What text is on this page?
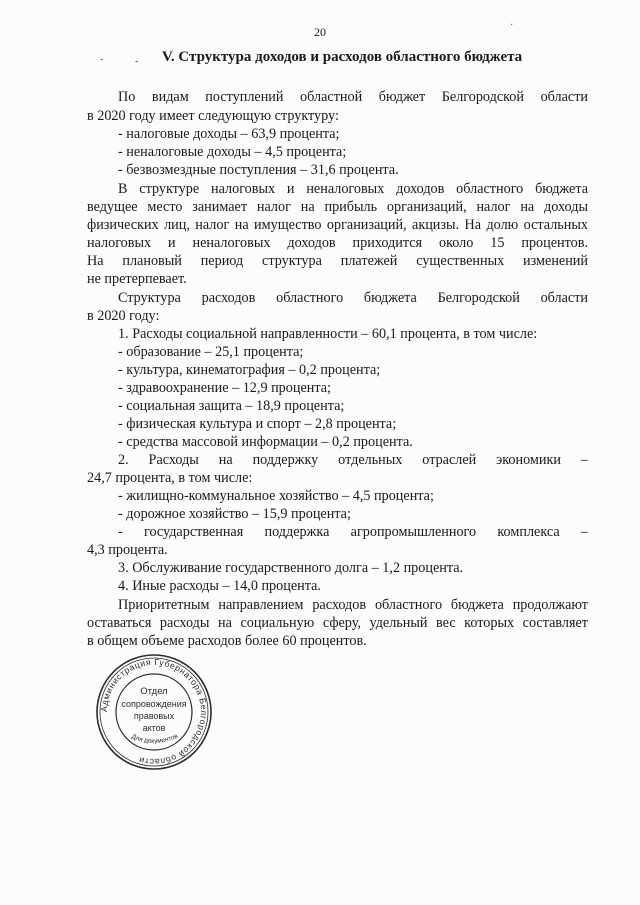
20	·
-	- V. Структура доходов и расходов областного бюджета
По видам поступлений областной бюджет Белгородской области
в 2020 году имеет следующую структуру:
- налоговые доходы – 63,9 процента;
- неналоговые доходы – 4,5 процента;
- безвозмездные поступления – 31,6 процента.
В структуре налоговых и неналоговых доходов областного бюджета
ведущее место занимает налог на прибыль организаций, налог на доходы
физических лиц, налог на имущество организаций, акцизы. На долю остальных
налоговых и неналоговых доходов приходится около 15 процентов.
На плановый период структура платежей существенных изменений
не претерпевает.
Структура расходов областного бюджета Белгородской области
в 2020 году:
1. Расходы социальной направленности – 60,1 процента, в том числе:
- образование – 25,1 процента;
- культура, кинематография – 0,2 процента;
- здравоохранение – 12,9 процента;
- социальная защита – 18,9 процента;
- физическая культура и спорт – 2,8 процента;
- средства массовой информации – 0,2 процента.
2. Расходы на поддержку отдельных отраслей экономики –
24,7 процента, в том числе:
- жилищно-коммунальное хозяйство – 4,5 процента;
- дорожное хозяйство – 15,9 процента;
- государственная поддержка агропромышленного комплекса –
4,3 процента.
3. Обслуживание государственного долга – 1,2 процента.
4. Иные расходы – 14,0 процента.
Приоритетным направлением расходов областного бюджета продолжают
оставаться расходы на социальную сферу, удельный вес которых составляет
в общем объеме расходов более 60 процентов.
Администрация Губернатора Белгородской области
Отдел
сопровождения
правовых
актов
Для документов
